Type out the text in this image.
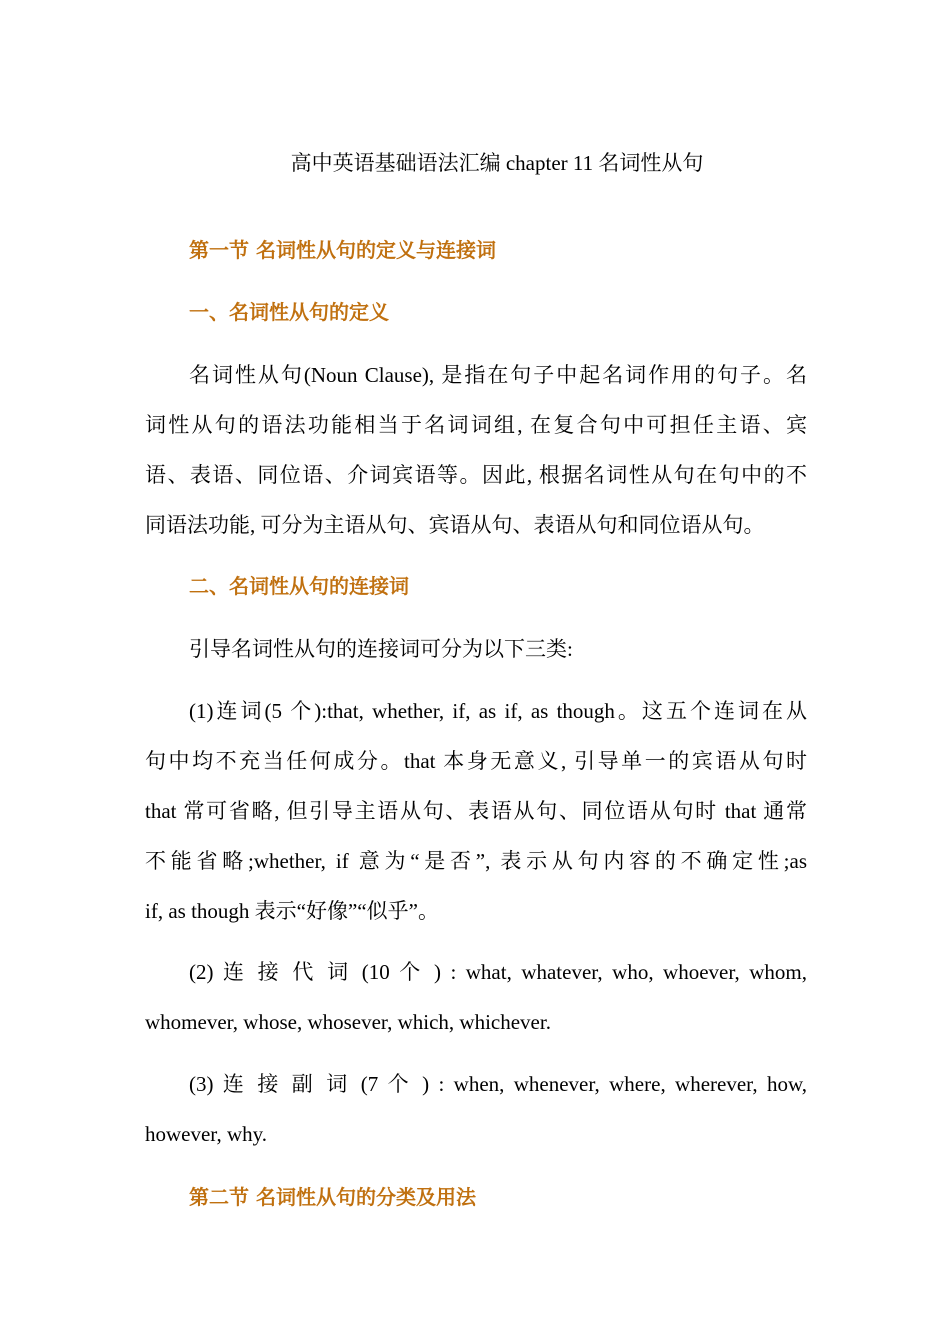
高中英语基础语法汇编 chapter 11 名词性从句
第一节 名词性从句的定义与连接词
一、名词性从句的定义
名词性从句(Noun Clause), 是指在句子中起名词作用的句子。名
词性从句的语法功能相当于名词词组, 在复合句中可担任主语、宾
语、表语、同位语、介词宾语等。因此, 根据名词性从句在句中的不
同语法功能, 可分为主语从句、宾语从句、表语从句和同位语从句。
二、名词性从句的连接词
引导名词性从句的连接词可分为以下三类:
(1)连词(5 个):that, whether, if, as if, as though。这五个连词在从
句中均不充当任何成分。that 本身无意义, 引导单一的宾语从句时
that 常可省略, 但引导主语从句、表语从句、同位语从句时 that 通常
不能省略;whether, if 意为“是否”, 表示从句内容的不确定性;as
if, as though 表示“好像”“似乎”。
(2) 连 接 代 词 (10 个 ) : what, whatever, who, whoever, whom,
whomever, whose, whosever, which, whichever.
(3) 连 接 副 词 (7 个 ) : when, whenever, where, wherever, how,
however, why.
第二节 名词性从句的分类及用法
